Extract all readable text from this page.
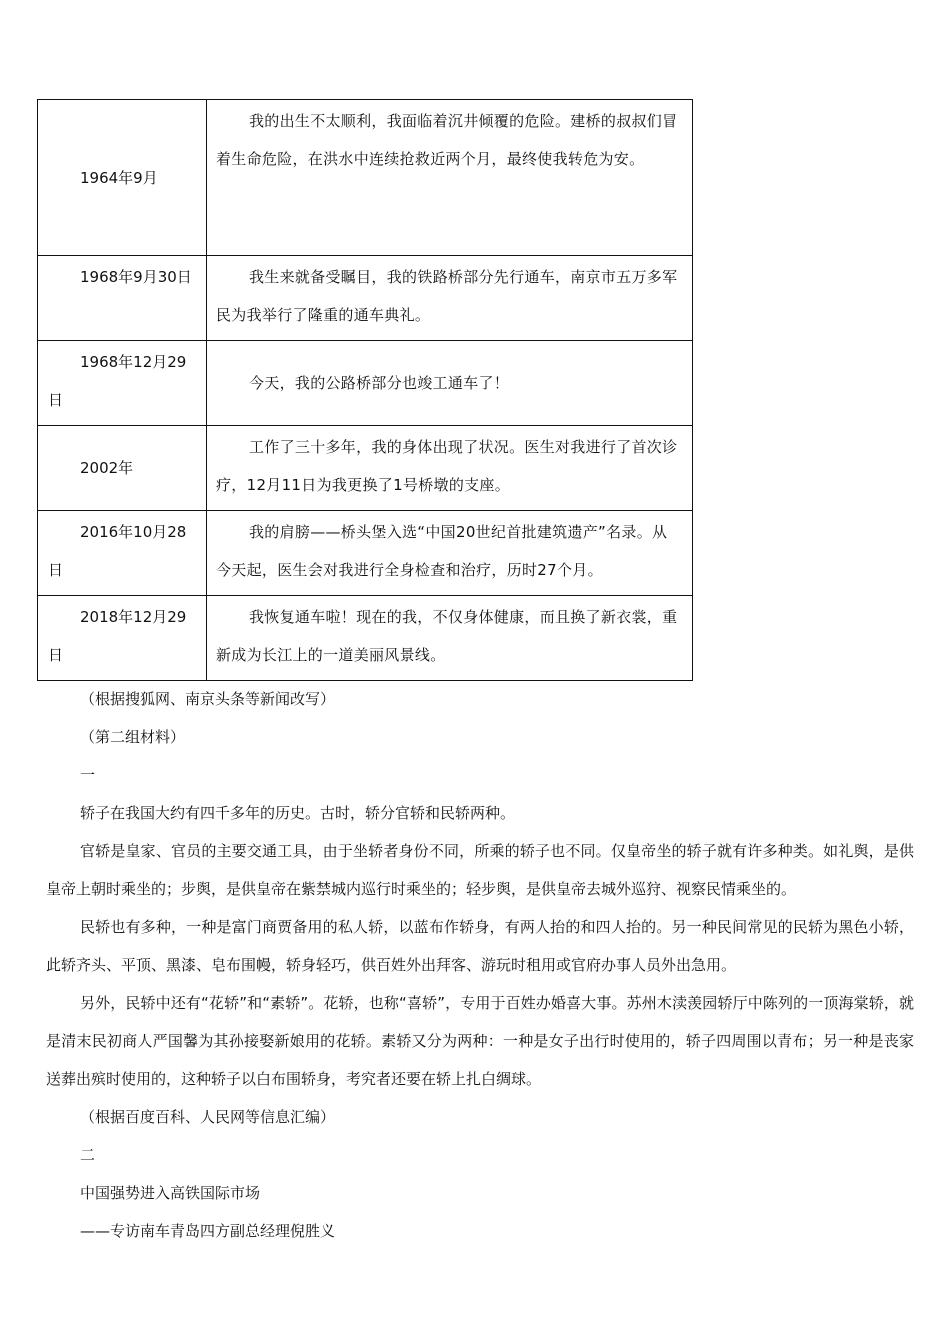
1964年9月	我的出生不太顺利，我面临着沉井倾覆的危险。建桥的叔叔们冒着生命危险，在洪水中连续抢救近两个月，最终使我转危为安。

1968年9月30日	我生来就备受瞩目，我的铁路桥部分先行通车，南京市五万多军民为我举行了隆重的通车典礼。

1968年12月29日	今天，我的公路桥部分也竣工通车了！

2002年	工作了三十多年，我的身体出现了状况。医生对我进行了首次诊疗，12月11日为我更换了1号桥墩的支座。

2016年10月28日	我的肩膀——桥头堡入选“中国20世纪首批建筑遗产”名录。从今天起，医生会对我进行全身检查和治疗，历时27个月。

2018年12月29日	我恢复通车啦！现在的我，不仅身体健康，而且换了新衣裳，重新成为长江上的一道美丽风景线。

（根据搜狐网、南京头条等新闻改写）

（第二组材料）

一

轿子在我国大约有四千多年的历史。古时，轿分官轿和民轿两种。

官轿是皇家、官员的主要交通工具，由于坐轿者身份不同，所乘的轿子也不同。仅皇帝坐的轿子就有许多种类。如礼舆，是供皇帝上朝时乘坐的；步舆，是供皇帝在紫禁城内巡行时乘坐的；轻步舆，是供皇帝去城外巡狩、视察民情乘坐的。

民轿也有多种，一种是富门商贾备用的私人轿，以蓝布作轿身，有两人抬的和四人抬的。另一种民间常见的民轿为黑色小轿，此轿齐头、平顶、黑漆、皂布围幔，轿身轻巧，供百姓外出拜客、游玩时租用或官府办事人员外出急用。

另外，民轿中还有“花轿”和“素轿”。花轿，也称“喜轿”，专用于百姓办婚喜大事。苏州木渎羡园轿厅中陈列的一顶海棠轿，就是清末民初商人严国馨为其孙接娶新娘用的花轿。素轿又分为两种：一种是女子出行时使用的，轿子四周围以青布；另一种是丧家送葬出殡时使用的，这种轿子以白布围轿身，考究者还要在轿上扎白绸球。

（根据百度百科、人民网等信息汇编）

二

中国强势进入高铁国际市场

——专访南车青岛四方副总经理倪胜义
